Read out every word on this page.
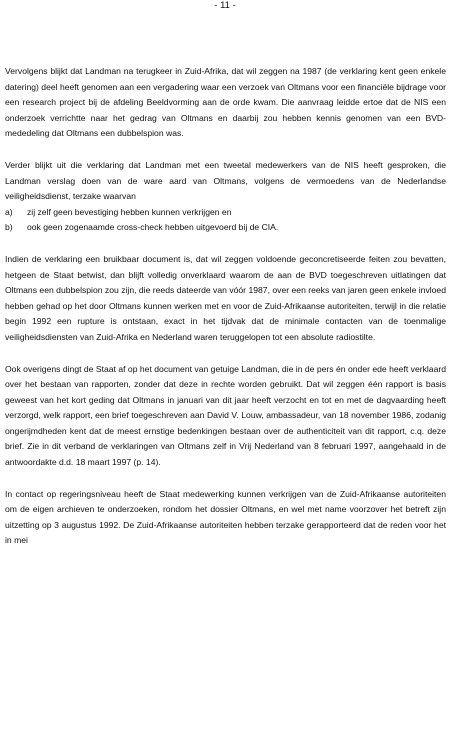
- 11 -

Vervolgens blijkt dat Landman na terugkeer in Zuid-Afrika, dat wil zeggen na 1987 (de verklaring kent geen enkele datering) deel heeft genomen aan een vergadering waar een verzoek van Oltmans voor een financiële bijdrage voor een research project bij de afdeling Beeldvorming aan de orde kwam. Die aanvraag leidde ertoe dat de NIS een onderzoek verrichtte naar het gedrag van Oltmans en daarbij zou hebben kennis genomen van een BVD-mededeling dat Oltmans een dubbelspion was.

Verder blijkt uit die verklaring dat Landman met een tweetal medewerkers van de NIS heeft gesproken, die Landman verslag doen van de ware aard van Oltmans, volgens de vermoedens van de Nederlandse veiligheidsdienst, terzake waarvan

a)	zij zelf geen bevestiging hebben kunnen verkrijgen en
b)	ook geen zogenaamde cross-check hebben uitgevoerd bij de CIA.

Indien de verklaring een bruikbaar document is, dat wil zeggen voldoende geconcretiseerde feiten zou bevatten, hetgeen de Staat betwist, dan blijft volledig onverklaard waarom de aan de BVD toegeschreven uitlatingen dat Oltmans een dubbelspion zou zijn, die reeds dateerde van vóór 1987, over een reeks van jaren geen enkele invloed hebben gehad op het door Oltmans kunnen werken met en voor de Zuid-Afrikaanse autoriteiten, terwijl in die relatie begin 1992 een rupture is ontstaan, exact in het tijdvak dat de minimale contacten van de toenmalige veiligheidsdiensten van Zuid-Afrika en Nederland waren teruggelopen tot een absolute radiostilte.

Ook overigens dingt de Staat af op het document van getuige Landman, die in de pers én onder ede heeft verklaard over het bestaan van rapporten, zonder dat deze in rechte worden gebruikt. Dat wil zeggen één rapport is basis geweest van het kort geding dat Oltmans in januari van dit jaar heeft verzocht en tot en met de dagvaarding heeft verzorgd, welk rapport, een brief toegeschreven aan David V. Louw, ambassadeur, van 18 november 1986, zodanig ongerijmdheden kent dat de meest ernstige bedenkingen bestaan over de authenticiteit van dit rapport, c.q. deze brief. Zie in dit verband de verklaringen van Oltmans zelf in Vrij Nederland van 8 februari 1997, aangehaald in de antwoordakte d.d. 18 maart 1997 (p. 14).

In contact op regeringsniveau heeft de Staat medewerking kunnen verkrijgen van de Zuid-Afrikaanse autoriteiten om de eigen archieven te onderzoeken, rondom het dossier Oltmans, en wel met name voorzover het betreft zijn uitzetting op 3 augustus 1992. De Zuid-Afrikaanse autoriteiten hebben terzake gerapporteerd dat de reden voor het in mei
